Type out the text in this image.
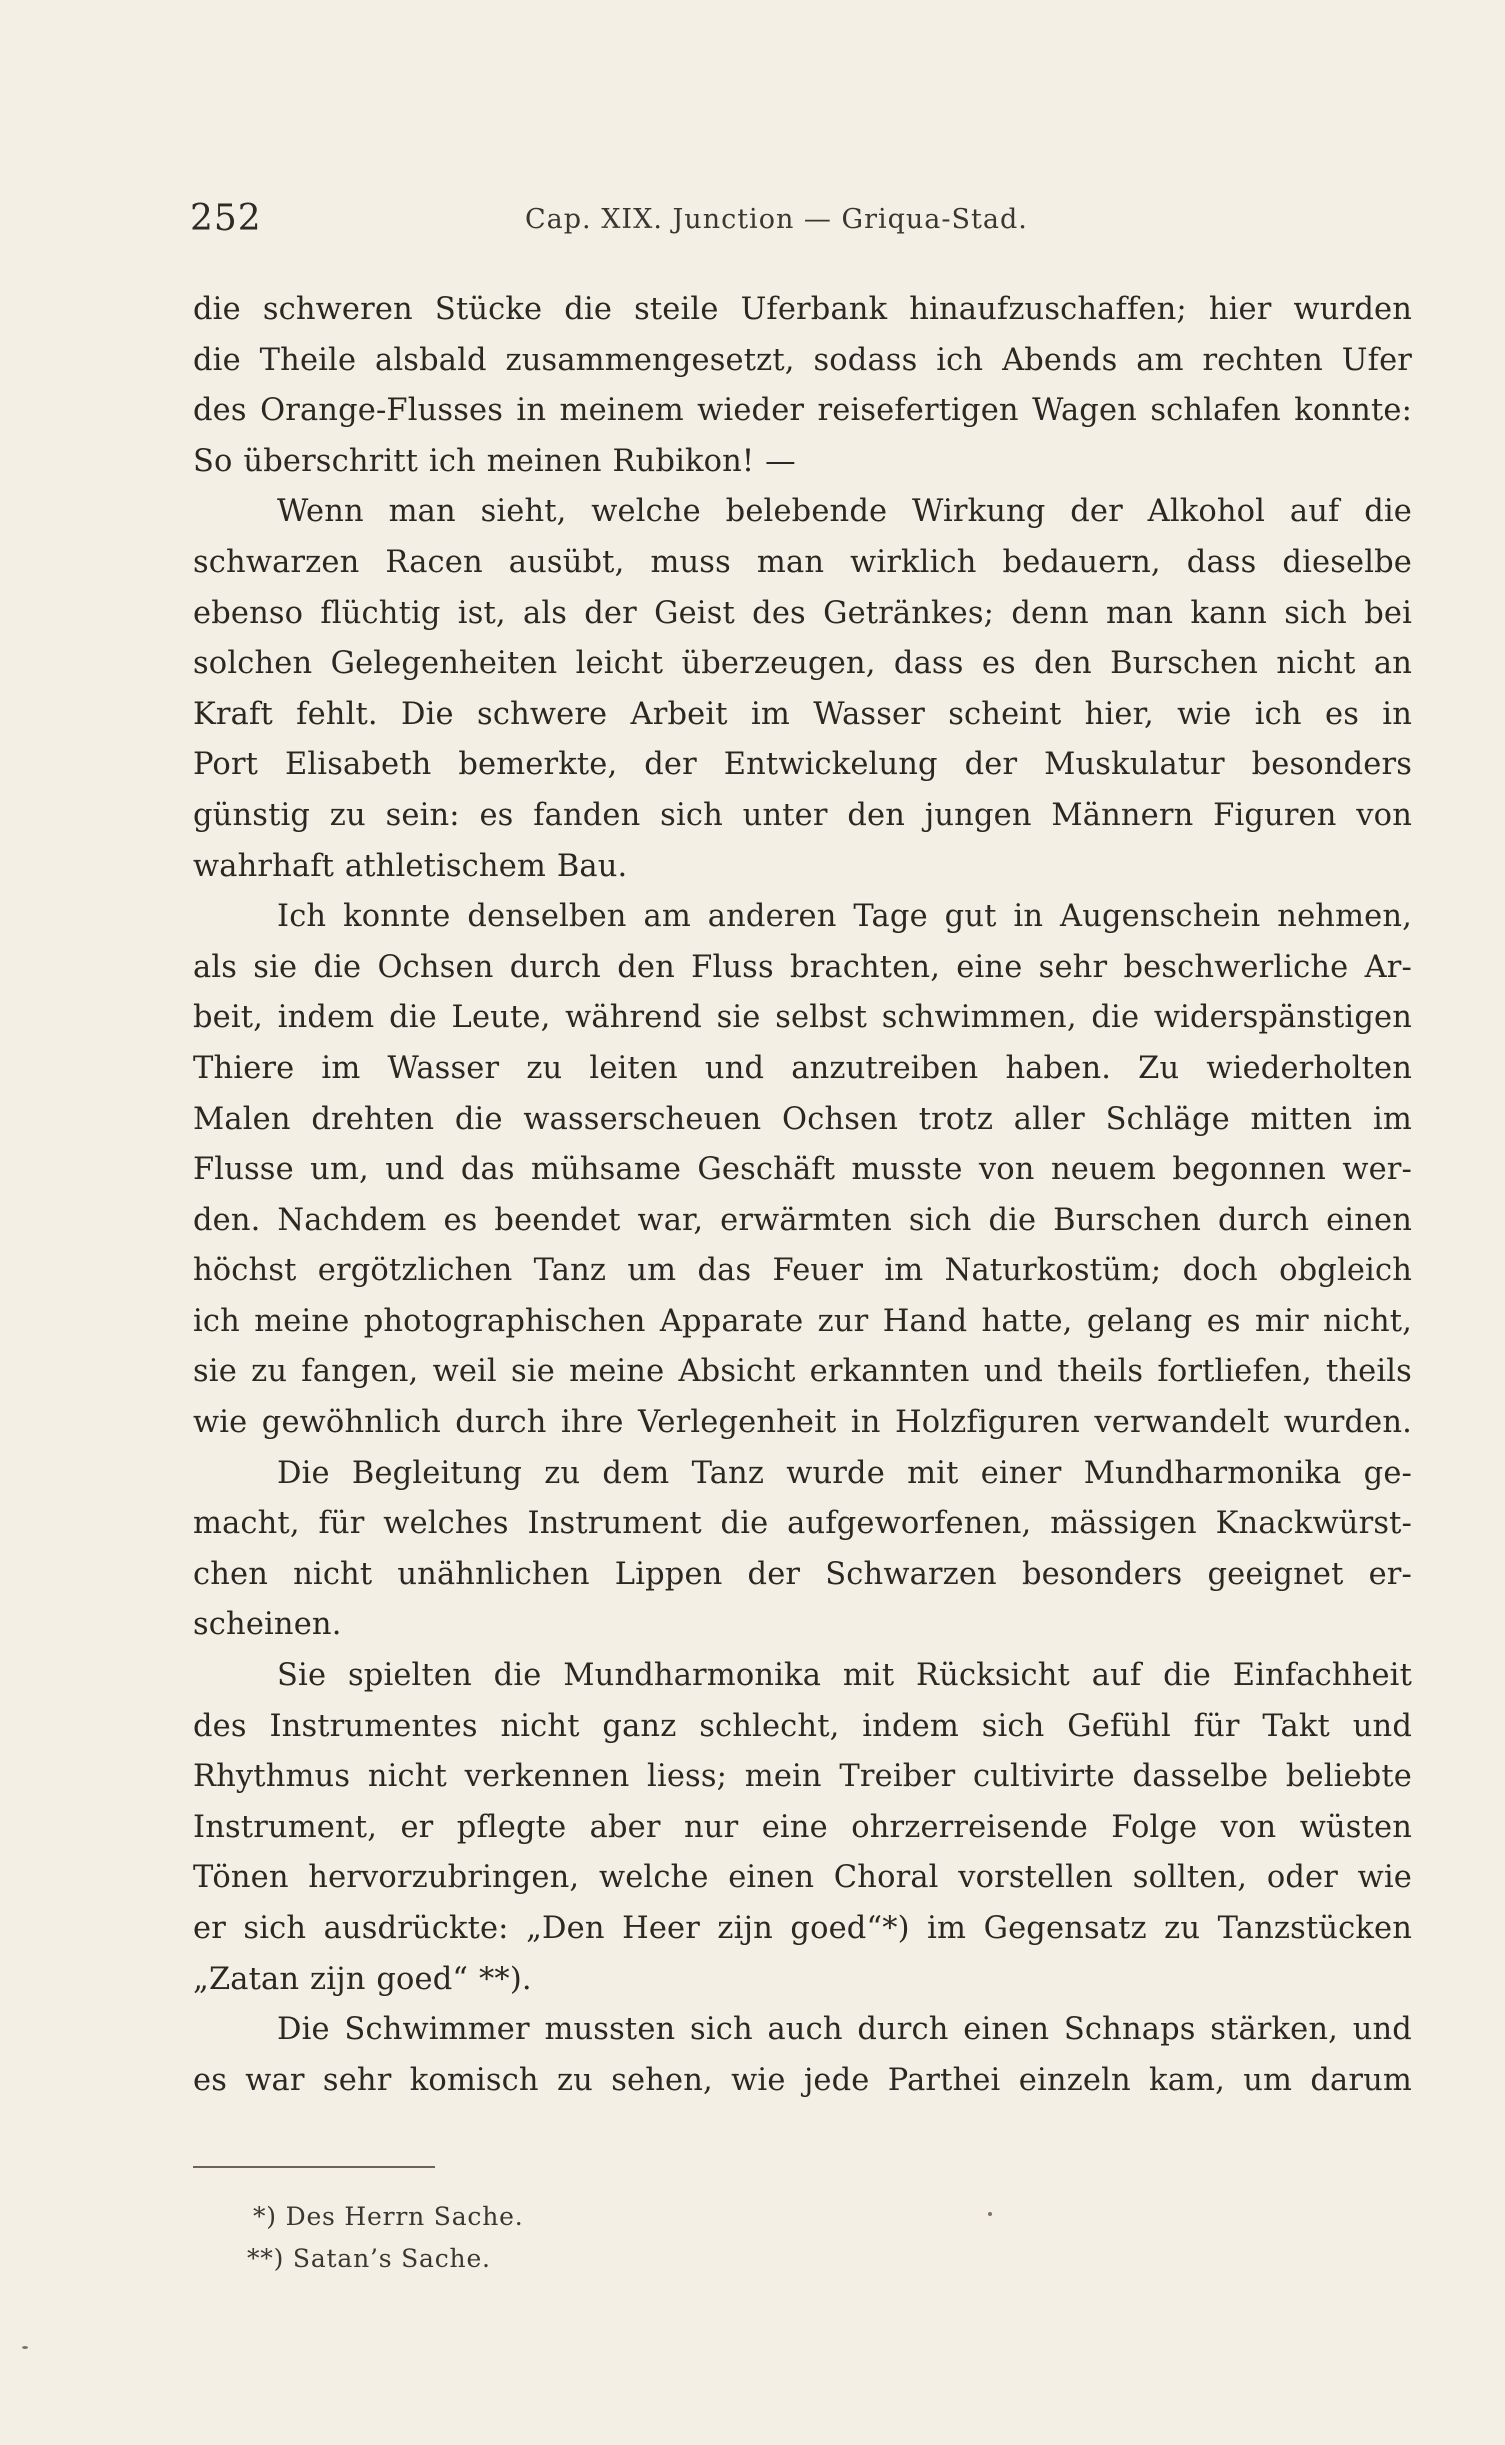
252	Cap. XIX. Junction — Griqua-Stad.
die schweren Stücke die steile Uferbank hinaufzuschaffen; hier wurden
die Theile alsbald zusammengesetzt, sodass ich Abends am rechten Ufer
des Orange-Flusses in meinem wieder reisefertigen Wagen schlafen konnte:
So überschritt ich meinen Rubikon! —
Wenn man sieht, welche belebende Wirkung der Alkohol auf die
schwarzen Racen ausübt, muss man wirklich bedauern, dass dieselbe
ebenso flüchtig ist, als der Geist des Getränkes; denn man kann sich bei
solchen Gelegenheiten leicht überzeugen, dass es den Burschen nicht an
Kraft fehlt. Die schwere Arbeit im Wasser scheint hier, wie ich es in
Port Elisabeth bemerkte, der Entwickelung der Muskulatur besonders
günstig zu sein: es fanden sich unter den jungen Männern Figuren von
wahrhaft athletischem Bau.
Ich konnte denselben am anderen Tage gut in Augenschein nehmen,
als sie die Ochsen durch den Fluss brachten, eine sehr beschwerliche Ar-
beit, indem die Leute, während sie selbst schwimmen, die widerspänstigen
Thiere im Wasser zu leiten und anzutreiben haben. Zu wiederholten
Malen drehten die wasserscheuen Ochsen trotz aller Schläge mitten im
Flusse um, und das mühsame Geschäft musste von neuem begonnen wer-
den. Nachdem es beendet war, erwärmten sich die Burschen durch einen
höchst ergötzlichen Tanz um das Feuer im Naturkostüm; doch obgleich
ich meine photographischen Apparate zur Hand hatte, gelang es mir nicht,
sie zu fangen, weil sie meine Absicht erkannten und theils fortliefen, theils
wie gewöhnlich durch ihre Verlegenheit in Holzfiguren verwandelt wurden.
Die Begleitung zu dem Tanz wurde mit einer Mundharmonika ge-
macht, für welches Instrument die aufgeworfenen, mässigen Knackwürst-
chen nicht unähnlichen Lippen der Schwarzen besonders geeignet er-
scheinen.
Sie spielten die Mundharmonika mit Rücksicht auf die Einfachheit
des Instrumentes nicht ganz schlecht, indem sich Gefühl für Takt und
Rhythmus nicht verkennen liess; mein Treiber cultivirte dasselbe beliebte
Instrument, er pflegte aber nur eine ohrzerreisende Folge von wüsten
Tönen hervorzubringen, welche einen Choral vorstellen sollten, oder wie
er sich ausdrückte: „Den Heer zijn goed“*) im Gegensatz zu Tanzstücken
„Zatan zijn goed“ **).
Die Schwimmer mussten sich auch durch einen Schnaps stärken, und
es war sehr komisch zu sehen, wie jede Parthei einzeln kam, um darum
*) Des Herrn Sache.
**) Satan’s Sache.
